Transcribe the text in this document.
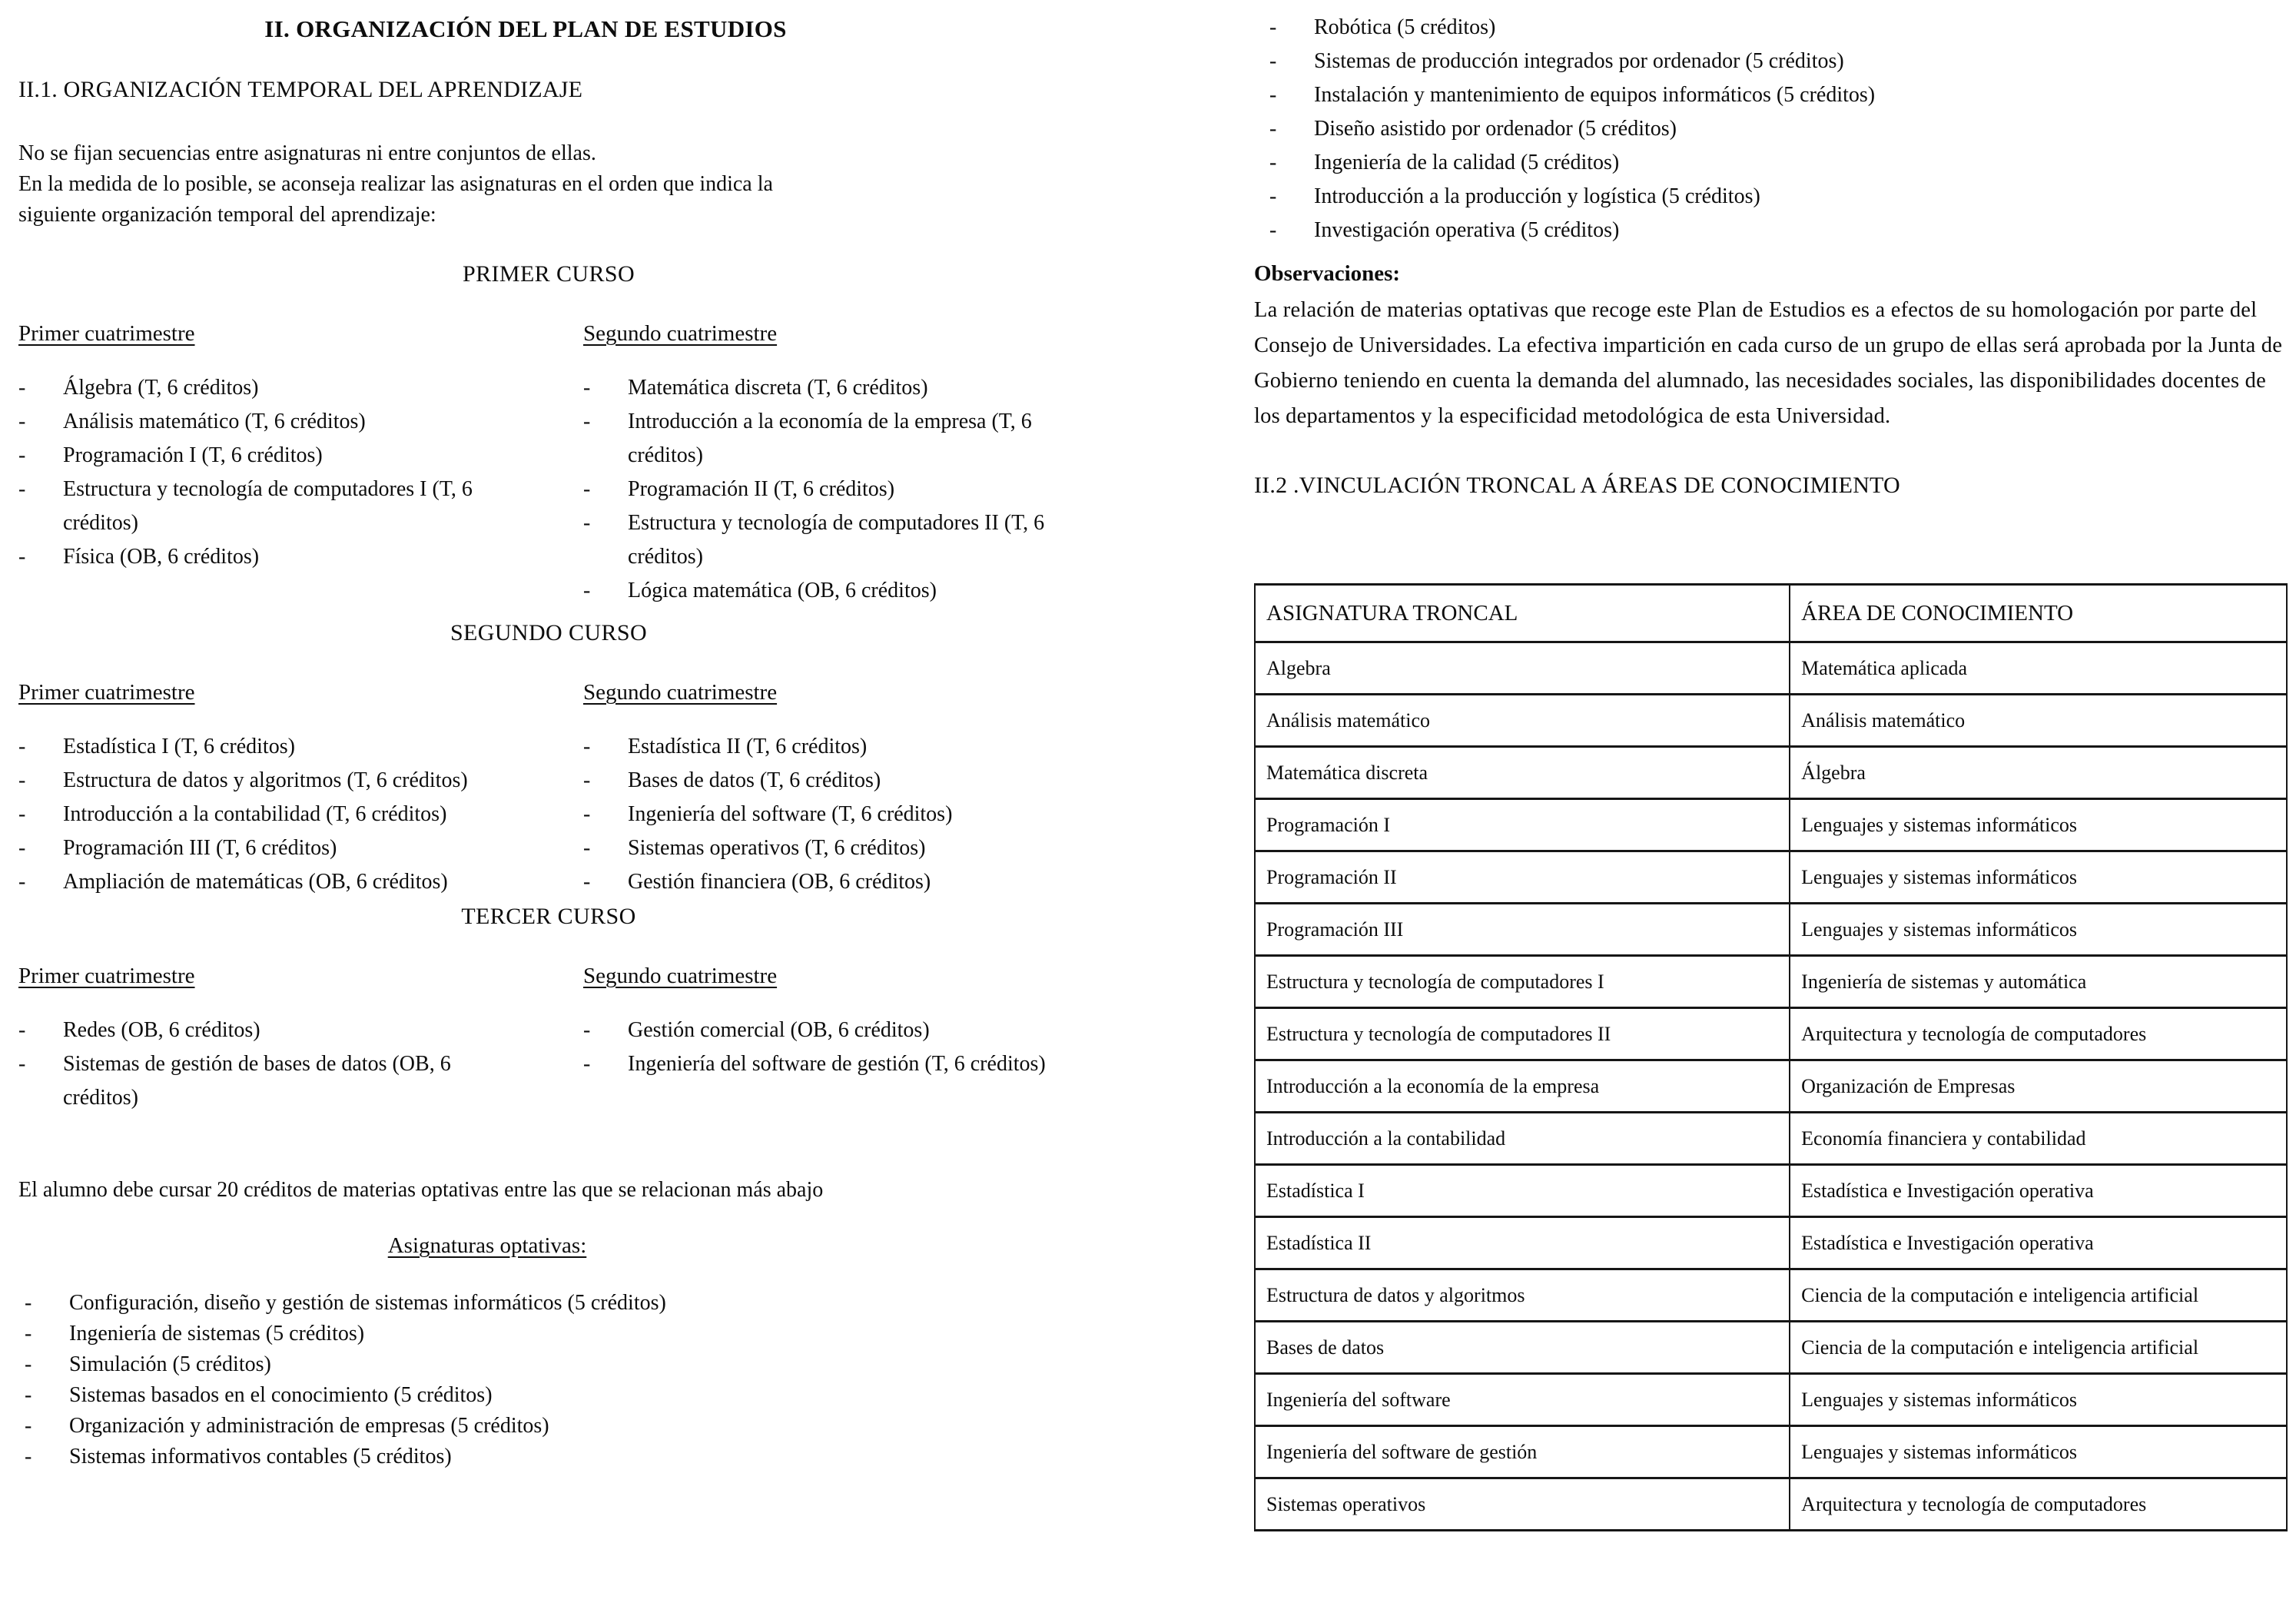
II. ORGANIZACIÓN DEL PLAN DE ESTUDIOS
II.1. ORGANIZACIÓN TEMPORAL DEL APRENDIZAJE
No se fijan secuencias entre asignaturas ni entre conjuntos de ellas.
En la medida de lo posible, se aconseja realizar las asignaturas en el orden que indica la
siguiente organización temporal del aprendizaje:
PRIMER CURSO
Primer cuatrimestre
-	Álgebra (T, 6 créditos)
-	Análisis matemático (T, 6 créditos)
-	Programación I (T, 6 créditos)
-	Estructura y tecnología de computadores I (T, 6 créditos)
-	Física (OB, 6 créditos)
Segundo cuatrimestre
-	Matemática discreta (T, 6 créditos)
-	Introducción a la economía de la empresa (T, 6 créditos)
-	Programación II (T, 6 créditos)
-	Estructura y tecnología de computadores II (T, 6 créditos)
-	Lógica matemática (OB, 6 créditos)
SEGUNDO CURSO
Primer cuatrimestre
-	Estadística I (T, 6 créditos)
-	Estructura de datos y algoritmos (T, 6 créditos)
-	Introducción a la contabilidad (T, 6 créditos)
-	Programación III (T, 6 créditos)
-	Ampliación de matemáticas (OB, 6 créditos)
Segundo cuatrimestre
-	Estadística II (T, 6 créditos)
-	Bases de datos (T, 6 créditos)
-	Ingeniería del software (T, 6 créditos)
-	Sistemas operativos (T, 6 créditos)
-	Gestión financiera (OB, 6 créditos)
TERCER CURSO
Primer cuatrimestre
-	Redes (OB, 6 créditos)
-	Sistemas de gestión de bases de datos (OB, 6 créditos)
Segundo cuatrimestre
-	Gestión comercial (OB, 6 créditos)
-	Ingeniería del software de gestión (T, 6 créditos)
El alumno debe cursar 20 créditos de materias optativas entre las que se relacionan más abajo
Asignaturas optativas:
-	Configuración, diseño y gestión de sistemas informáticos (5 créditos)
-	Ingeniería de sistemas (5 créditos)
-	Simulación (5 créditos)
-	Sistemas basados en el conocimiento (5 créditos)
-	Organización y administración de empresas (5 créditos)
-	Sistemas informativos contables (5 créditos)
-	Robótica (5 créditos)
-	Sistemas de producción integrados por ordenador (5 créditos)
-	Instalación y mantenimiento de equipos informáticos (5 créditos)
-	Diseño asistido por ordenador (5 créditos)
-	Ingeniería de la calidad (5 créditos)
-	Introducción a la producción y logística (5 créditos)
-	Investigación operativa (5 créditos)
Observaciones:
La relación de materias optativas que recoge este Plan de Estudios es a efectos de su homologación por parte del Consejo de Universidades. La efectiva impartición en cada curso de un grupo de ellas será aprobada por la Junta de Gobierno teniendo en cuenta la demanda del alumnado, las necesidades sociales, las disponibilidades docentes de los departamentos y la especificidad metodológica de esta Universidad.
II.2 .VINCULACIÓN TRONCAL A ÁREAS DE CONOCIMIENTO
ASIGNATURA TRONCAL	ÁREA DE CONOCIMIENTO
Algebra	Matemática aplicada
Análisis matemático	Análisis matemático
Matemática discreta	Álgebra
Programación I	Lenguajes y sistemas informáticos
Programación II	Lenguajes y sistemas informáticos
Programación III	Lenguajes y sistemas informáticos
Estructura y tecnología de computadores I	Ingeniería de sistemas y automática
Estructura y tecnología de computadores II	Arquitectura y tecnología de computadores
Introducción a la economía de la empresa	Organización de Empresas
Introducción a la contabilidad	Economía financiera y contabilidad
Estadística I	Estadística e Investigación operativa
Estadística II	Estadística e Investigación operativa
Estructura de datos y algoritmos	Ciencia de la computación e inteligencia artificial
Bases de datos	Ciencia de la computación e inteligencia artificial
Ingeniería del software	Lenguajes y sistemas informáticos
Ingeniería del software de gestión	Lenguajes y sistemas informáticos
Sistemas operativos	Arquitectura y tecnología de computadores
